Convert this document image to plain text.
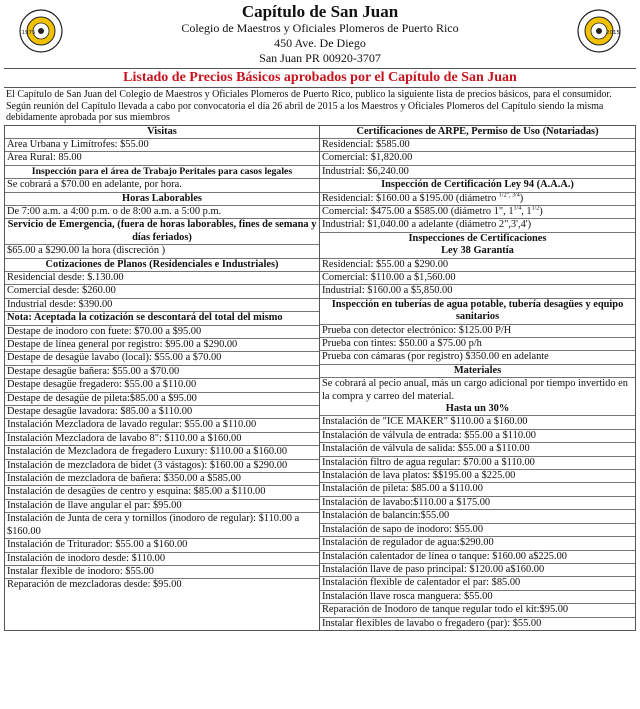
1975
Capítulo de San Juan
Colegio de Maestros y Oficiales Plomeros de Puerto Rico
450 Ave. De Diego
San Juan PR 00920-3707
2015
Listado de Precios Básicos aprobados por el Capítulo de San Juan
El Capítulo de San Juan del Colegio de Maestros y Oficiales Plomeros de Puerto Rico, publico la siguiente lista de precios básicos, para el consumidor.
Según reunión del Capítulo llevada a cabo por convocatoria el día 26 abril de 2015 a los Maestros y Oficiales Plomeros del Capítulo siendo la misma debidamente aprobada por sus miembros
Visitas
Área Urbana y Limítrofes: $55.00
Área Rural: 85.00
Inspección para el área de Trabajo Peritales para casos legales
Se cobrará a $70.00 en adelante, por hora.
Horas Laborables
De 7:00 a.m. a 4:00 p.m. o de 8:00 a.m. a 5:00 p.m.
Servicio de Emergencia, (fuera de horas laborables, fines de semana y días feriados)
$65.00 a $290.00 la hora (discreción )
Cotizaciones de Planos (Residenciales e Industriales)
Residencial desde: $.130.00
Comercial desde: $260.00
Industrial desde: $390.00
Nota: Aceptada la cotización se descontará del total del mismo
Destape de inodoro con fuete: $70.00 a $95.00
Destape de línea general por registro: $95.00 a $290.00
Destape de desagüe lavabo (local): $55.00 a $70.00
Destape desagüe bañera: $55.00 a $70.00
Destape desagüe fregadero: $55.00 a $110.00
Destape de desagüe de pileta:$85.00 a $95.00
Destape desagüe lavadora: $85.00 a $110.00
Instalación Mezcladora de lavado regular: $55.00 a $110.00
Instalación Mezcladora de lavabo 8": $110.00 a $160.00
Instalación de Mezcladora de fregadero Luxury: $110.00 a $160.00
Instalación de mezcladora de bidet (3 vástagos): $160.00 a $290.00
Instalación de mezcladora de bañera: $350.00 a $585.00
Instalación de desagües de centro y esquina: $85.00 a $110.00
Instalación de llave angular el par: $95.00
Instalación de Junta de cera y tornillos (inodoro de regular): $110.00 a $160.00
Instalación de Triturador: $55.00 a $160.00
Instalación de inodoro desde: $110.00
Instalar flexible de inodoro: $55.00
Reparación de mezcladoras desde: $95.00
Certificaciones de ARPE, Permiso de Uso (Notariadas)
Residencial: $585.00
Comercial: $1,820.00
Industrial: $6,240.00
Inspección de Certificación Ley 94 (A.A.A.)
Residencial: $160.00 a $195.00 (diámetro $^{1/2", 3/4}$)
Comercial: $475.00 a $585.00 (diámetro 1", $1^{1/4}$, $1^{1/2}$)
Industrial: $1,040.00 a adelante (diámetro 2",3',4')
Inspecciones de Certificaciones
Ley 38 Garantía
Residencial: $55.00 a $290.00
Comercial: $110.00 a $1,560.00
Industrial: $160.00 a $5,850.00
Inspección en tuberías de agua potable, tubería desagües y equipo sanitarios
Prueba con detector electrónico: $125.00 P/H
Prueba con tintes: $50.00 a $75.00 p/h
Prueba con cámaras (por registro) $350.00 en adelante
Materiales
Se cobrará al pecio anual, más un cargo adicional por tiempo invertido en la compra y carreo del material.
Hasta un 30%
Instalación de "ICE MAKER" $110.00 a $160.00
Instalación de válvula de entrada: $55.00 a $110.00
Instalación de válvula de salida: $55.00 a $110.00
Instalación filtro de agua regular: $70.00 a $110.00
Instalación de lava platos: $$195.00 a $225.00
Instalación de pileta: $85.00 a $110.00
Instalación de lavabo:$110.00 a $175.00
Instalación de balancín:$55.00
Instalación de sapo de inodoro: $55.00
Instalación de regulador de agua:$290.00
Instalación calentador de línea o tanque: $160.00 a$225.00
Instalación llave de paso principal: $120.00 a$160.00
Instalación flexible de calentador el par: $85.00
Instalación llave rosca manguera: $55.00
Reparación de Inodoro de tanque regular todo el kit:$95.00
Instalar flexibles de lavabo o fregadero (par): $55.00
